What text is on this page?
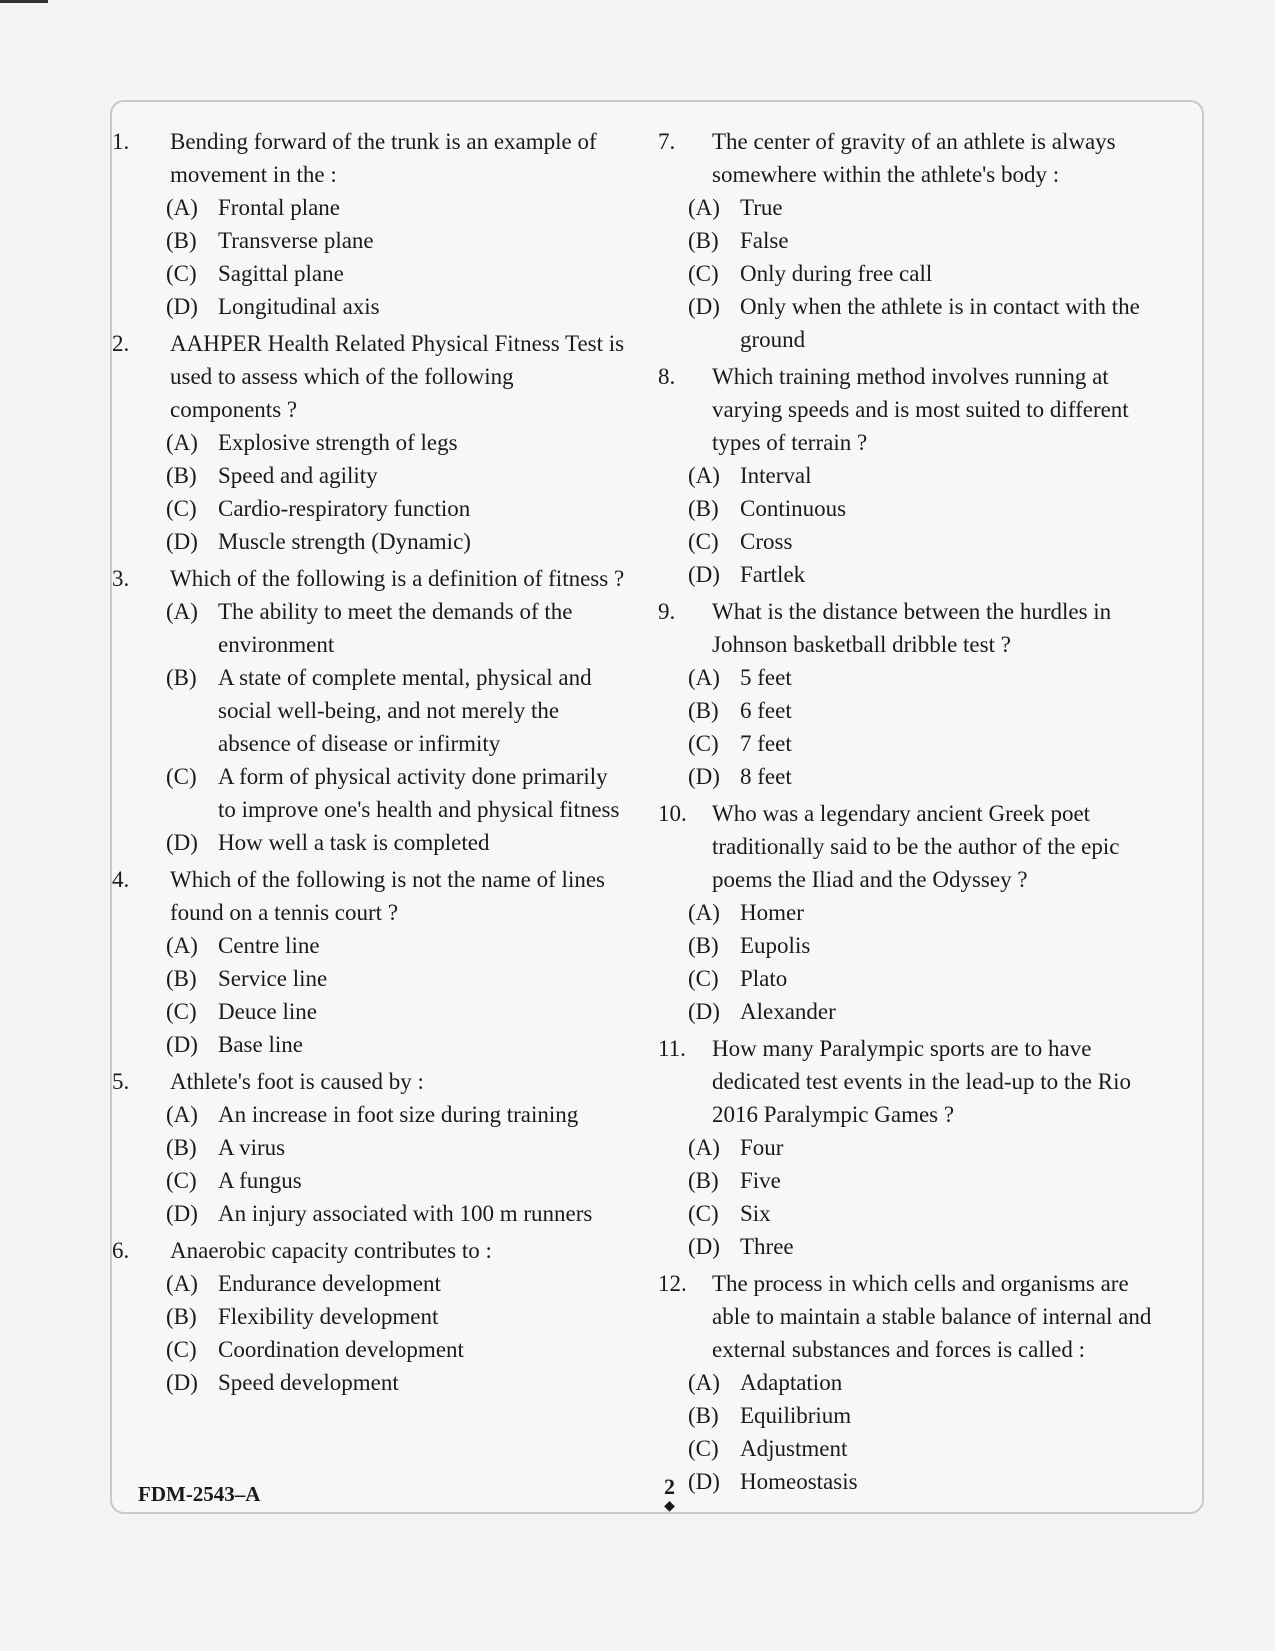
1. Bending forward of the trunk is an example of movement in the :
(A) Frontal plane
(B) Transverse plane
(C) Sagittal plane
(D) Longitudinal axis
2. AAHPER Health Related Physical Fitness Test is used to assess which of the following components ?
(A) Explosive strength of legs
(B) Speed and agility
(C) Cardio-respiratory function
(D) Muscle strength (Dynamic)
3. Which of the following is a definition of fitness ?
(A) The ability to meet the demands of the environment
(B) A state of complete mental, physical and social well-being, and not merely the absence of disease or infirmity
(C) A form of physical activity done primarily to improve one's health and physical fitness
(D) How well a task is completed
4. Which of the following is not the name of lines found on a tennis court ?
(A) Centre line
(B) Service line
(C) Deuce line
(D) Base line
5. Athlete's foot is caused by :
(A) An increase in foot size during training
(B) A virus
(C) A fungus
(D) An injury associated with 100 m runners
6. Anaerobic capacity contributes to :
(A) Endurance development
(B) Flexibility development
(C) Coordination development
(D) Speed development
7. The center of gravity of an athlete is always somewhere within the athlete's body :
(A) True
(B) False
(C) Only during free call
(D) Only when the athlete is in contact with the ground
8. Which training method involves running at varying speeds and is most suited to different types of terrain ?
(A) Interval
(B) Continuous
(C) Cross
(D) Fartlek
9. What is the distance between the hurdles in Johnson basketball dribble test ?
(A) 5 feet
(B) 6 feet
(C) 7 feet
(D) 8 feet
10. Who was a legendary ancient Greek poet traditionally said to be the author of the epic poems the Iliad and the Odyssey ?
(A) Homer
(B) Eupolis
(C) Plato
(D) Alexander
11. How many Paralympic sports are to have dedicated test events in the lead-up to the Rio 2016 Paralympic Games ?
(A) Four
(B) Five
(C) Six
(D) Three
12. The process in which cells and organisms are able to maintain a stable balance of internal and external substances and forces is called :
(A) Adaptation
(B) Equilibrium
(C) Adjustment
(D) Homeostasis
FDM-2543–A	2
◆
